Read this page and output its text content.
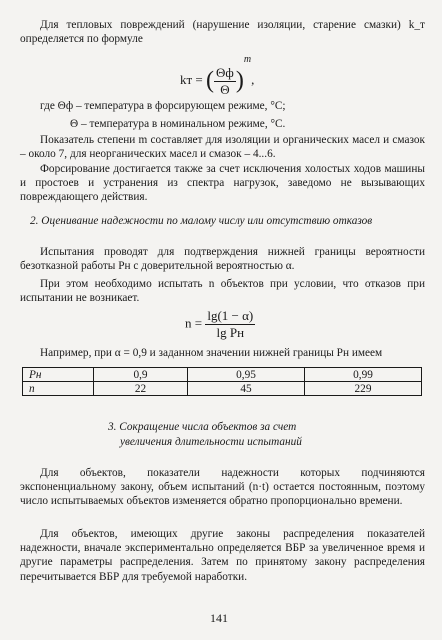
Для тепловых повреждений (нарушение изоляции, старение смазки) k_т определяется по формуле
kт = ( $\frac{\Theta ф}{\Theta} )^m$,
где Θф – температура в форсирующем режиме, °С;
Θ – температура в номинальном режиме, °С.
Показатель степени m составляет для изоляции и органических масел и смазок – около 7, для неорганических масел и смазок – 4...6.
Форсирование достигается также за счет исключения холостых ходов машины и простоев и устранения из спектра нагрузок, заведомо не вызывающих повреждающего действия.
2. Оценивание надежности по малому числу или отсутствию отказов
Испытания проводят для подтверждения нижней границы вероятности безотказной работы Pн с доверительной вероятностью α.
При этом необходимо испытать n объектов при условии, что отказов при испытании не возникает.
$n = \frac{\lg(1 - \alpha)}{\text{lg Pн}}$
Например, при α = 0,9 и заданном значении нижней границы Pн имеем
Pн	0,9	0,95	0,99
n	22	45	229
3. Сокращение числа объектов за счет
увеличения длительности испытаний
Для объектов, показатели надежности которых подчиняются экспоненциальному закону, объем испытаний (n·t) остается постоянным, поэтому число испытываемых объектов изменяется обратно пропорционально времени.
Для объектов, имеющих другие законы распределения показателей надежности, вначале экспериментально определяется ВБР за увеличенное время и другие параметры распределения. Затем по принятому закону распределения перечитывается ВБР для требуемой наработки.
141
